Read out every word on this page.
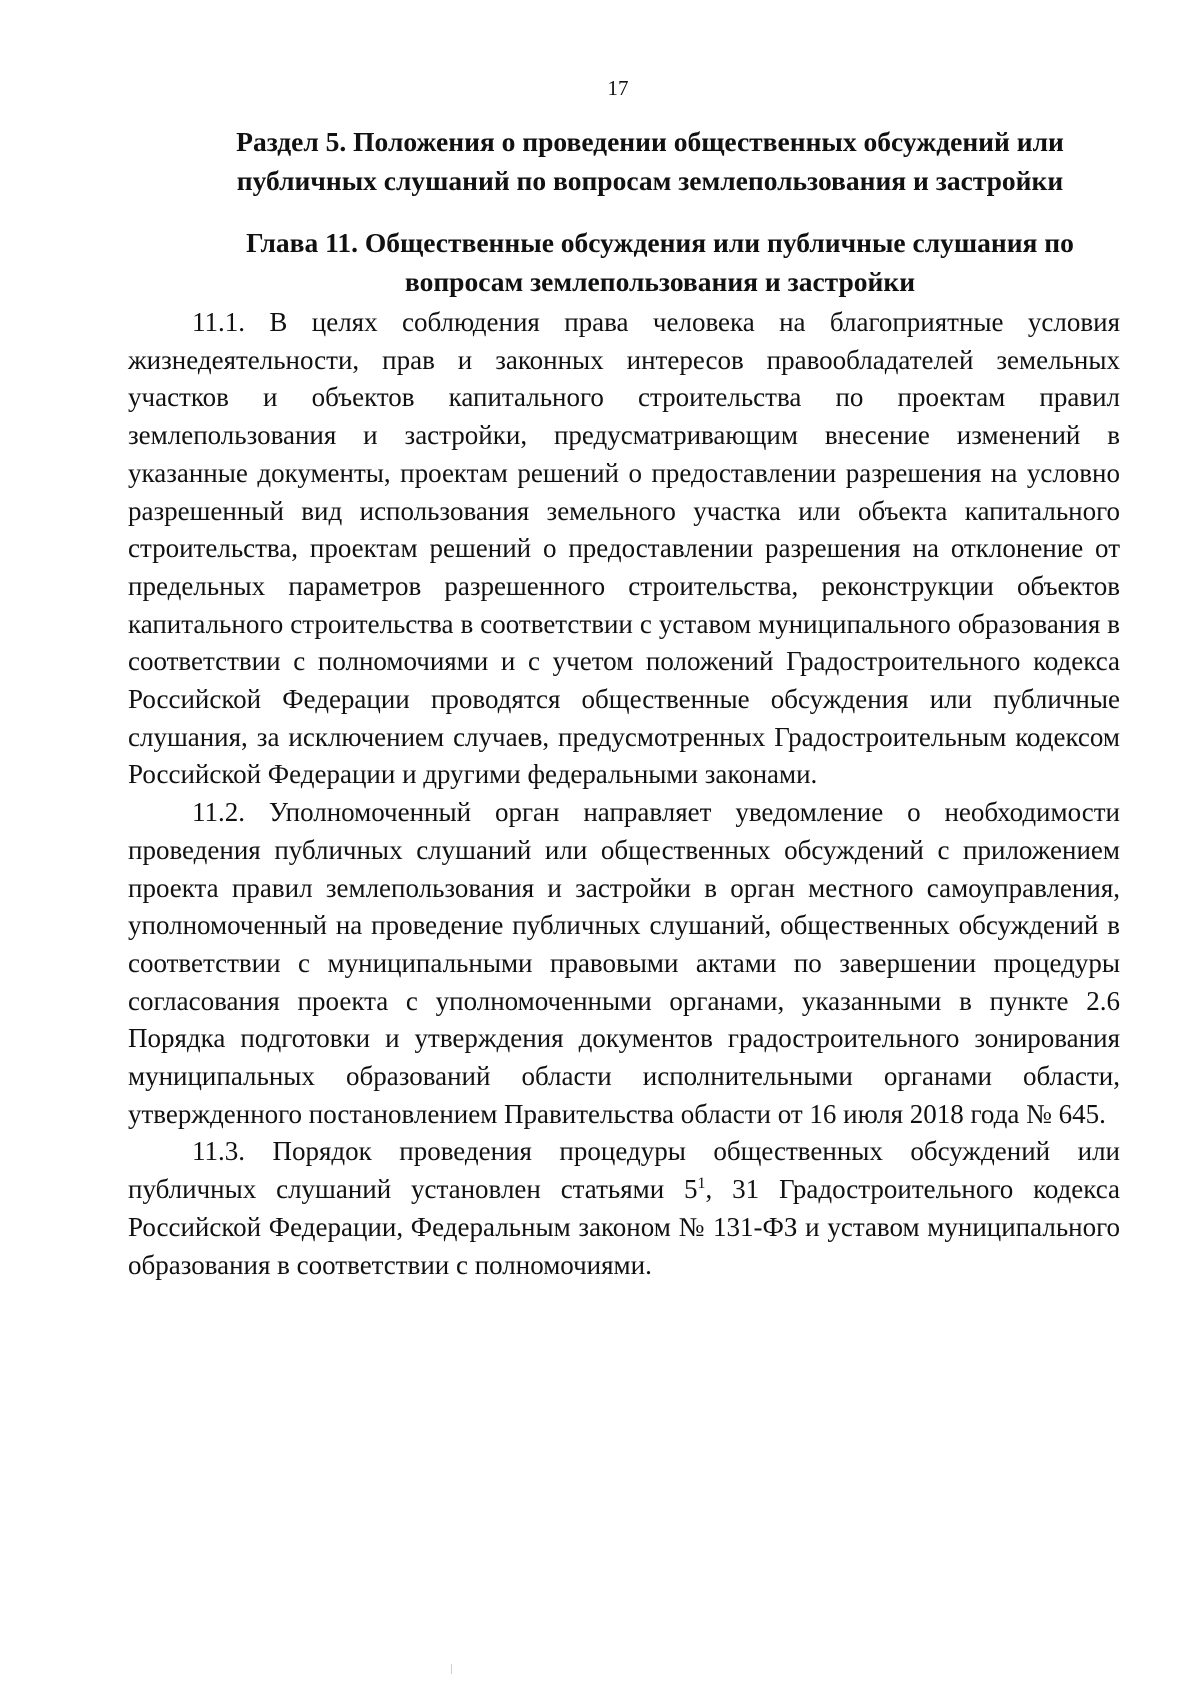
17
Раздел 5. Положения о проведении общественных обсуждений или публичных слушаний по вопросам землепользования и застройки
Глава 11. Общественные обсуждения или публичные слушания по вопросам землепользования и застройки

11.1. В целях соблюдения права человека на благоприятные условия жизнедеятельности, прав и законных интересов правообладателей земельных участков и объектов капитального строительства по проектам правил землепользования и застройки, предусматривающим внесение изменений в указанные документы, проектам решений о предоставлении разрешения на условно разрешенный вид использования земельного участка или объекта капитального строительства, проектам решений о предоставлении разрешения на отклонение от предельных параметров разрешенного строительства, реконструкции объектов капитального строительства в соответствии с уставом муниципального образования в соответствии с полномочиями и с учетом положений Градостроительного кодекса Российской Федерации проводятся общественные обсуждения или публичные слушания, за исключением случаев, предусмотренных Градостроительным кодексом Российской Федерации и другими федеральными законами.

11.2. Уполномоченный орган направляет уведомление о необходимости проведения публичных слушаний или общественных обсуждений с приложением проекта правил землепользования и застройки в орган местного самоуправления, уполномоченный на проведение публичных слушаний, общественных обсуждений в соответствии с муниципальными правовыми актами по завершении процедуры согласования проекта с уполномоченными органами, указанными в пункте 2.6 Порядка подготовки и утверждения документов градостроительного зонирования муниципальных образований области исполнительными органами области, утвержденного постановлением Правительства области от 16 июля 2018 года № 645.

11.3. Порядок проведения процедуры общественных обсуждений или публичных слушаний установлен статьями $5^1$, 31 Градостроительного кодекса Российской Федерации, Федеральным законом № 131-ФЗ и уставом муниципального образования в соответствии с полномочиями.
